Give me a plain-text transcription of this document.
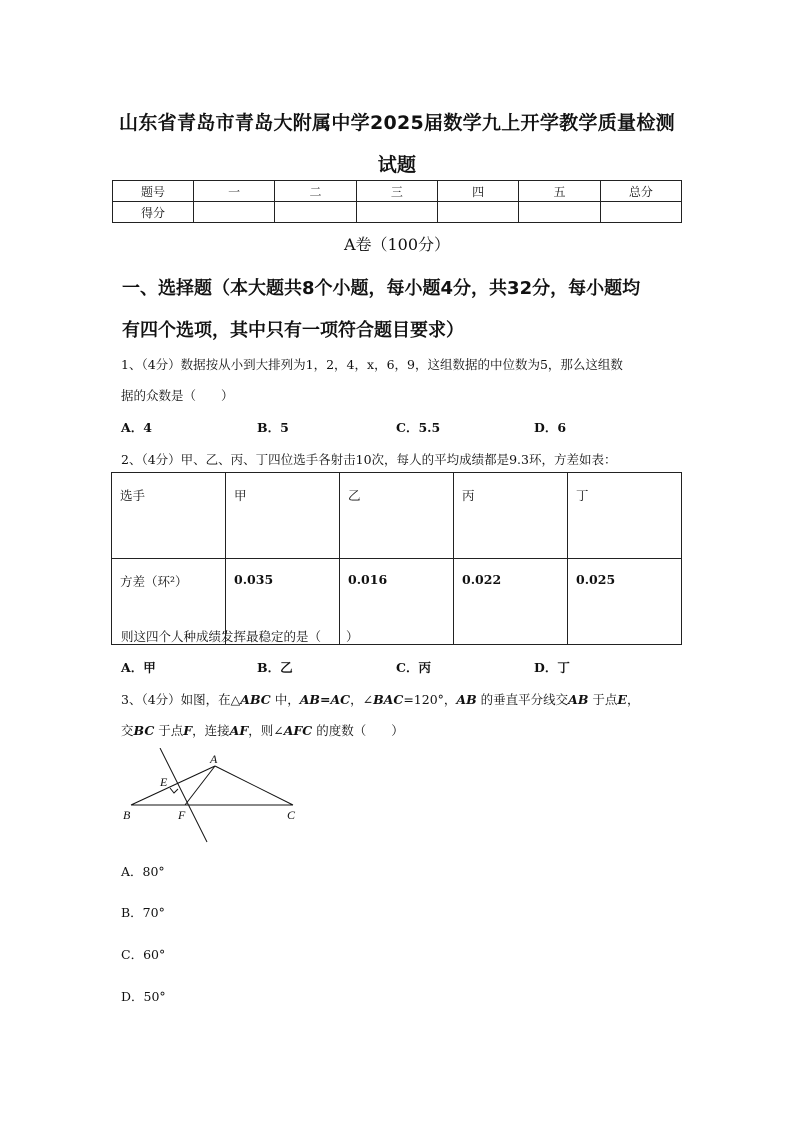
山东省青岛市青岛大附属中学2025届数学九上开学教学质量检测
试题
题号	一	二	三	四	五	总分
得分						
A卷（100分）
一、选择题（本大题共8个小题，每小题4分，共32分，每小题均
有四个选项，其中只有一项符合题目要求）
1、（4分）数据按从小到大排列为1，2，4，x，6，9，这组数据的中位数为5，那么这组数
据的众数是（　　）
A．4	B．5	C．5.5	D．6
2、（4分）甲、乙、丙、丁四位选手各射击10次，每人的平均成绩都是9.3环，方差如表：
选手	甲	乙	丙	丁
方差（环²）	0.035	0.016	0.022	0.025
则这四个人种成绩发挥最稳定的是（　　）
A．甲	B．乙	C．丙	D．丁
3、（4分）如图，在△ABC 中，AB=AC，∠BAC=120°，AB 的垂直平分线交AB 于点E，
交BC 于点F，连接AF，则∠AFC 的度数（　　）
A
B	C
E
F
A．80°
B．70°
C．60°
D．50°
